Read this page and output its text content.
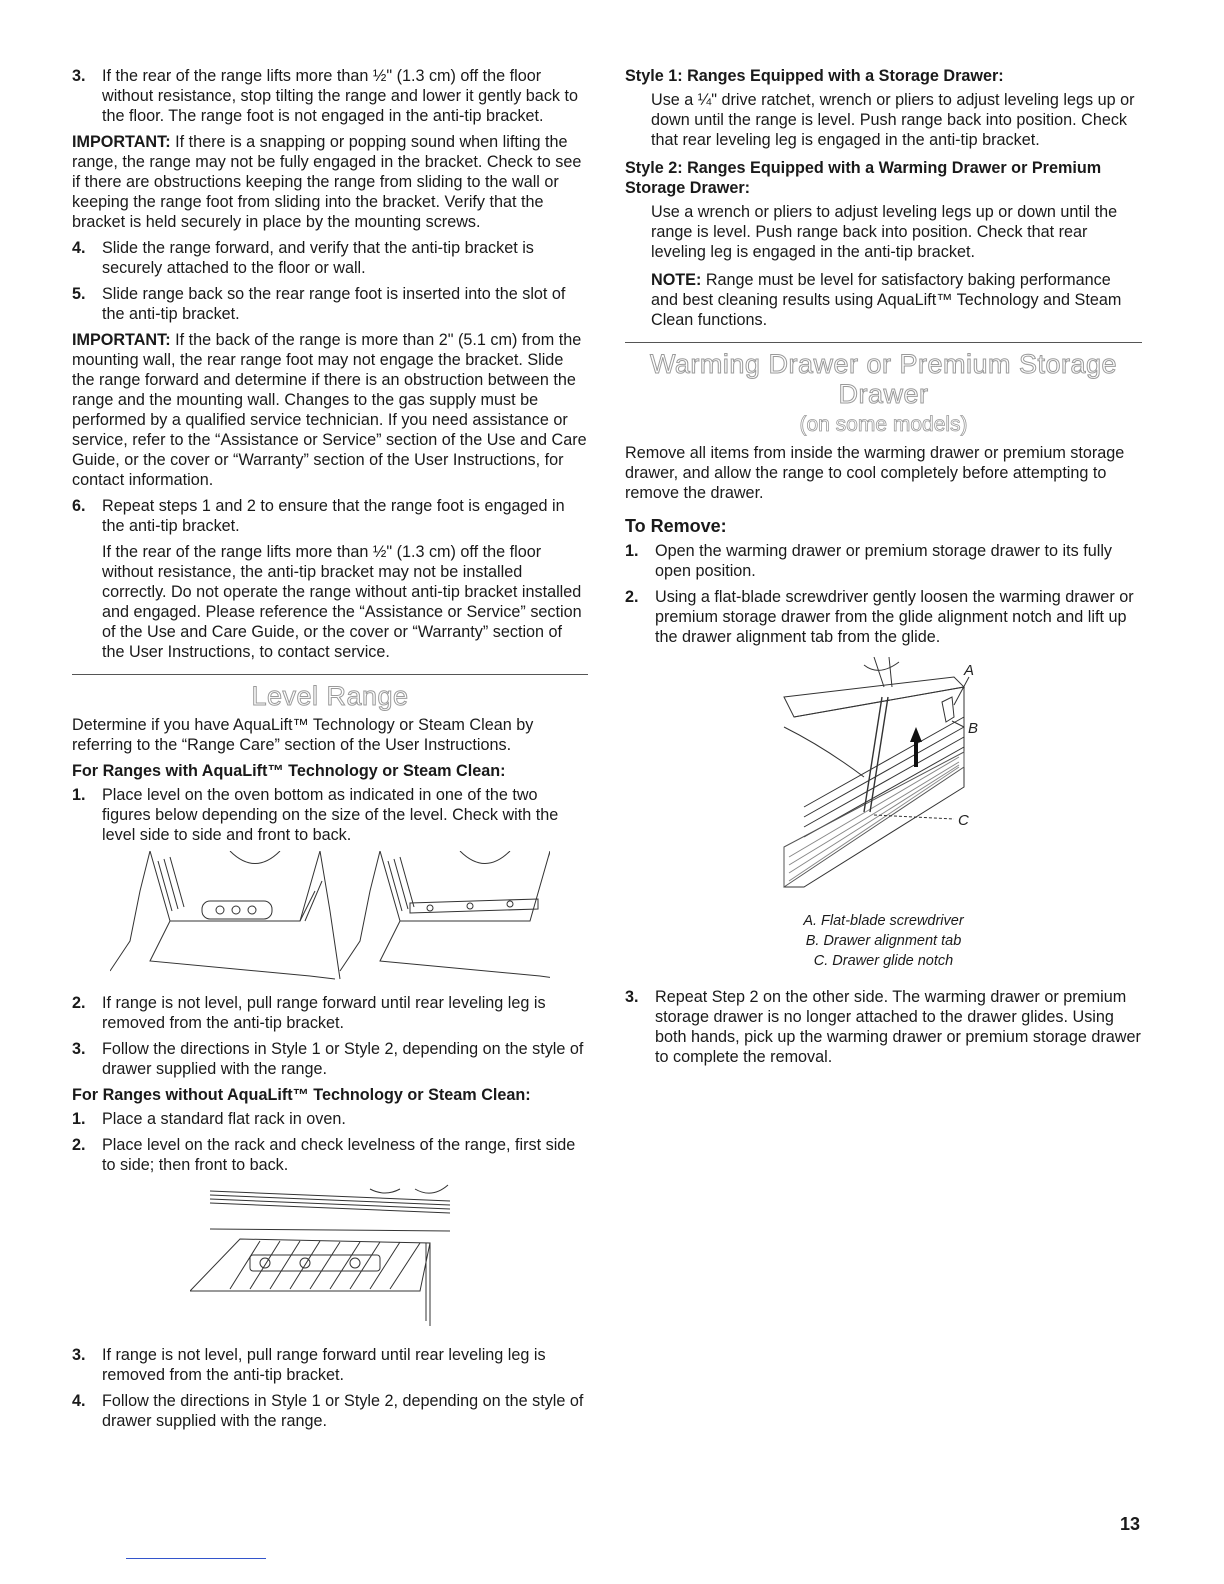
3. If the rear of the range lifts more than ½" (1.3 cm) off the floor without resistance, stop tilting the range and lower it gently back to the floor. The range foot is not engaged in the anti-tip bracket.

IMPORTANT: If there is a snapping or popping sound when lifting the range, the range may not be fully engaged in the bracket. Check to see if there are obstructions keeping the range from sliding to the wall or keeping the range foot from sliding into the bracket. Verify that the bracket is held securely in place by the mounting screws.

4. Slide the range forward, and verify that the anti-tip bracket is securely attached to the floor or wall.
5. Slide range back so the rear range foot is inserted into the slot of the anti-tip bracket.

IMPORTANT: If the back of the range is more than 2" (5.1 cm) from the mounting wall, the rear range foot may not engage the bracket. Slide the range forward and determine if there is an obstruction between the range and the mounting wall. Changes to the gas supply must be performed by a qualified service technician. If you need assistance or service, refer to the “Assistance or Service” section of the Use and Care Guide, or the cover or “Warranty” section of the User Instructions, for contact information.

6. Repeat steps 1 and 2 to ensure that the range foot is engaged in the anti-tip bracket.

If the rear of the range lifts more than ½" (1.3 cm) off the floor without resistance, the anti-tip bracket may not be installed correctly. Do not operate the range without anti-tip bracket installed and engaged. Please reference the “Assistance or Service” section of the Use and Care Guide, or the cover or “Warranty” section of the User Instructions, to contact service.

Level Range

Determine if you have AquaLift™ Technology or Steam Clean by referring to the “Range Care” section of the User Instructions.

For Ranges with AquaLift™ Technology or Steam Clean:
1. Place level on the oven bottom as indicated in one of the two figures below depending on the size of the level. Check with the level side to side and front to back.
2. If range is not level, pull range forward until rear leveling leg is removed from the anti-tip bracket.
3. Follow the directions in Style 1 or Style 2, depending on the style of drawer supplied with the range.
For Ranges without AquaLift™ Technology or Steam Clean:
1. Place a standard flat rack in oven.
2. Place level on the rack and check levelness of the range, first side to side; then front to back.
3. If range is not level, pull range forward until rear leveling leg is removed from the anti-tip bracket.
4. Follow the directions in Style 1 or Style 2, depending on the style of drawer supplied with the range.
Style 1: Ranges Equipped with a Storage Drawer:

Use a ¼" drive ratchet, wrench or pliers to adjust leveling legs up or down until the range is level. Push range back into position. Check that rear leveling leg is engaged in the anti-tip bracket.

Style 2: Ranges Equipped with a Warming Drawer or Premium Storage Drawer:

Use a wrench or pliers to adjust leveling legs up or down until the range is level. Push range back into position. Check that rear leveling leg is engaged in the anti-tip bracket.

NOTE: Range must be level for satisfactory baking performance and best cleaning results using AquaLift™ Technology and Steam Clean functions.

Warming Drawer or Premium Storage
Drawer
(on some models)

Remove all items from inside the warming drawer or premium storage drawer, and allow the range to cool completely before attempting to remove the drawer.

To Remove:
1. Open the warming drawer or premium storage drawer to its fully open position.
2. Using a flat-blade screwdriver gently loosen the warming drawer or premium storage drawer from the glide alignment notch and lift up the drawer alignment tab from the glide.
A
B
C
A. Flat-blade screwdriver
B. Drawer alignment tab
C. Drawer glide notch
3. Repeat Step 2 on the other side. The warming drawer or premium storage drawer is no longer attached to the drawer glides. Using both hands, pick up the warming drawer or premium storage drawer to complete the removal.
13
